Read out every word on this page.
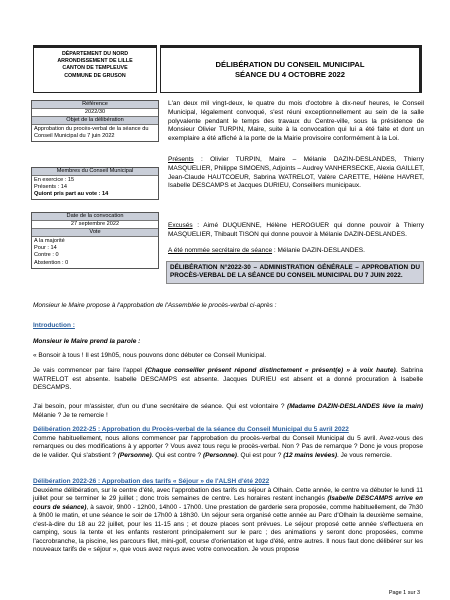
DÉPARTEMENT DU NORD
ARRONDISSEMENT DE LILLE
CANTON DE TEMPLEUVE
COMMUNE DE GRUSON
DÉLIBÉRATION DU CONSEIL MUNICIPAL
SÉANCE DU 4 OCTOBRE 2022
Référence
2022/30
Objet de la délibération
Approbation du procès-verbal de la séance du Conseil Municipal du 7 juin 2022
Membres du Conseil Municipal
En exercice : 15
Présents : 14
Quiont pris part au vote : 14
Date de la convocation
27 septembre 2022
Vote
A la majorité
Pour : 14
Contre : 0
Abstention : 0

L'an deux mil vingt-deux, le quatre du mois d'octobre à dix-neuf heures, le Conseil Municipal, légalement convoqué, s'est réuni exceptionnellement au sein de la salle polyvalente pendant le temps des travaux du Centre-ville, sous la présidence de Monsieur Olivier TURPIN, Maire, suite à la convocation qui lui a été faite et dont un exemplaire a été affiché à la porte de la Mairie provisoire conformément à la Loi.

Présents : Olivier TURPIN, Maire – Mélanie DAZIN-DESLANDES, Thierry MASQUELIER, Philippe SIMOENS, Adjoints – Audrey VANHERSECKE, Alexia GAILLET, Jean-Claude HAUTCOEUR, Sabrina WATRELOT, Valère CARETTE, Hélène HAVRET, Isabelle DESCAMPS et Jacques DURIEU, Conseillers municipaux.

Excusés : Aimé DUQUENNE, Hélène HEROGUER qui donne pouvoir à Thierry MASQUELIER, Thibault TISON qui donne pouvoir à Mélanie DAZIN-DESLANDES.

A été nommée secrétaire de séance : Mélanie DAZIN-DESLANDES.

DÉLIBÉRATION N°2022-30 – ADMINISTRATION GÉNÉRALE – APPROBATION DU PROCÈS-VERBAL DE LA SÉANCE DU CONSEIL MUNICIPAL DU 7 JUIN 2022.

Monsieur le Maire propose à l'approbation de l'Assemblée le procès-verbal ci-après :

Introduction :

Monsieur le Maire prend la parole :

« Bonsoir à tous ! Il est 19h05, nous pouvons donc débuter ce Conseil Municipal.

Je vais commencer par faire l'appel (Chaque conseiller présent répond distinctement « présent(e) » à voix haute). Sabrina WATRELOT est absente. Isabelle DESCAMPS est absente. Jacques DURIEU est absent et a donné procuration à Isabelle DESCAMPS.

J'ai besoin, pour m'assister, d'un ou d'une secrétaire de séance. Qui est volontaire ? (Madame DAZIN-DESLANDES lève la main) Mélanie ? Je te remercie !

Délibération 2022-25 : Approbation du Procès-verbal de la séance du Conseil Municipal du 5 avril 2022

Comme habituellement, nous allons commencer par l'approbation du procès-verbal du Conseil Municipal du 5 avril. Avez-vous des remarques ou des modifications à y apporter ? Vous avez tous reçu le procès-verbal. Non ? Pas de remarque ? Donc je vous propose de le valider. Qui s'abstient ? (Personne). Qui est contre ? (Personne). Qui est pour ? (12 mains levées). Je vous remercie.

Délibération 2022-26 : Approbation des tarifs « Séjour » de l'ALSH d'été 2022

Deuxième délibération, sur le centre d'été, avec l'approbation des tarifs du séjour à Olhain. Cette année, le centre va débuter le lundi 11 juillet pour se terminer le 29 juillet ; donc trois semaines de centre. Les horaires restent inchangés (Isabelle DESCAMPS arrive en cours de séance), à savoir, 9h00 - 12h00, 14h00 - 17h00. Une prestation de garderie sera proposée, comme habituellement, de 7h30 à 9h00 le matin, et une séance le soir de 17h00 à 18h30. Un séjour sera organisé cette année au Parc d'Olhain la deuxième semaine, c'est-à-dire du 18 au 22 juillet, pour les 11-15 ans ; et douze places sont prévues. Le séjour proposé cette année s'effectuera en camping, sous la tente et les enfants resteront principalement sur le parc ; des animations y seront donc proposées, comme l'accrobranche, la piscine, les parcours filet, mini-golf, course d'orientation et luge d'été, entre autres. Il nous faut donc délibérer sur les nouveaux tarifs de « séjour », que vous avez reçus avec votre convocation. Je vous propose

Page 1 sur 3
